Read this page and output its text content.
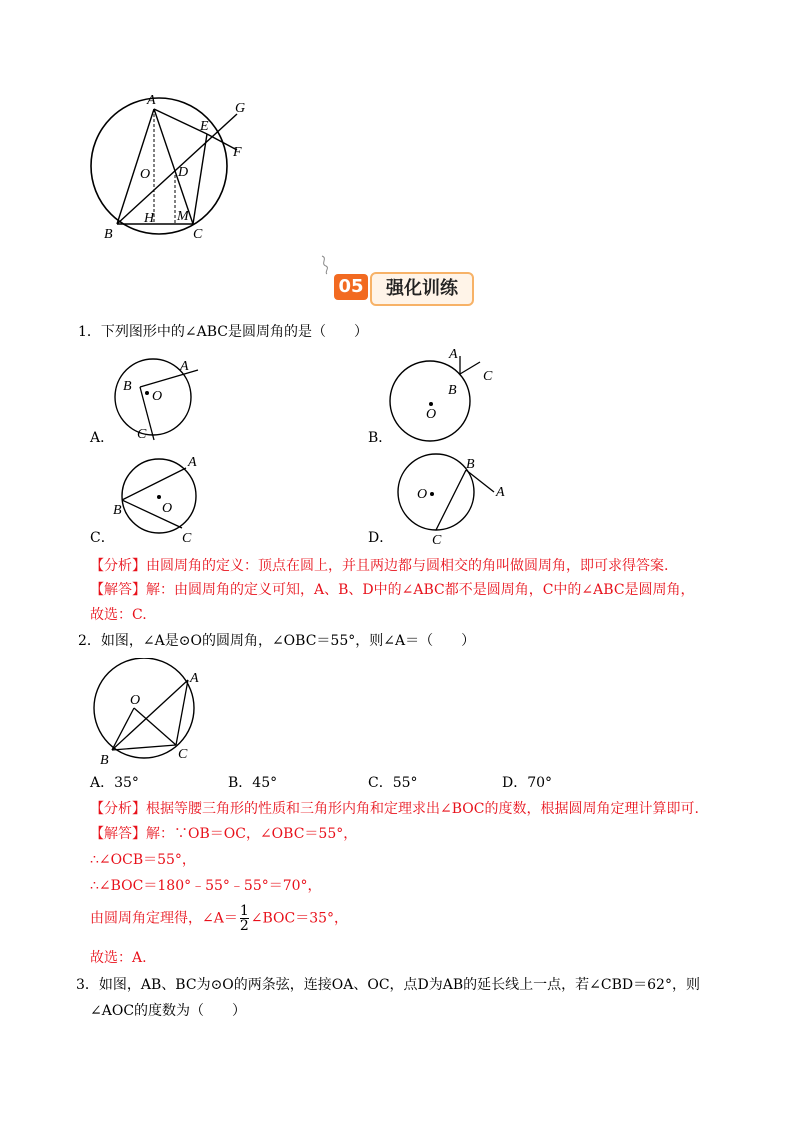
A
E
G
F
O D
H M
B	C
05	强化训练
1．下列图形中的∠ABC是圆周角的是（　　）
B
A
O
C
A．
A
C
B
O
B．
A
B	O
C
C．
B
A
O
C
D．
【分析】由圆周角的定义：顶点在圆上，并且两边都与圆相交的角叫做圆周角，即可求得答案.
【解答】解：由圆周角的定义可知，A、B、D中的∠ABC都不是圆周角，C中的∠ABC是圆周角，
故选：C.
2．如图，∠A是⊙O的圆周角，∠OBC＝55°，则∠A＝（　　）
O
A
B	C
A．35°	B．45°	C．55°	D．70°
【分析】根据等腰三角形的性质和三角形内角和定理求出∠BOC的度数，根据圆周角定理计算即可.
【解答】解：∵OB＝OC，∠OBC＝55°，
∴∠OCB＝55°，
∴∠BOC＝180°﹣55°﹣55°＝70°，
由圆周角定理得，∠A＝ $\frac{1}{2}$ ∠BOC＝35°，
故选：A.
3．如图，AB、BC为⊙O的两条弦，连接OA、OC，点D为AB的延长线上一点，若∠CBD＝62°，则
∠AOC的度数为（　　）
